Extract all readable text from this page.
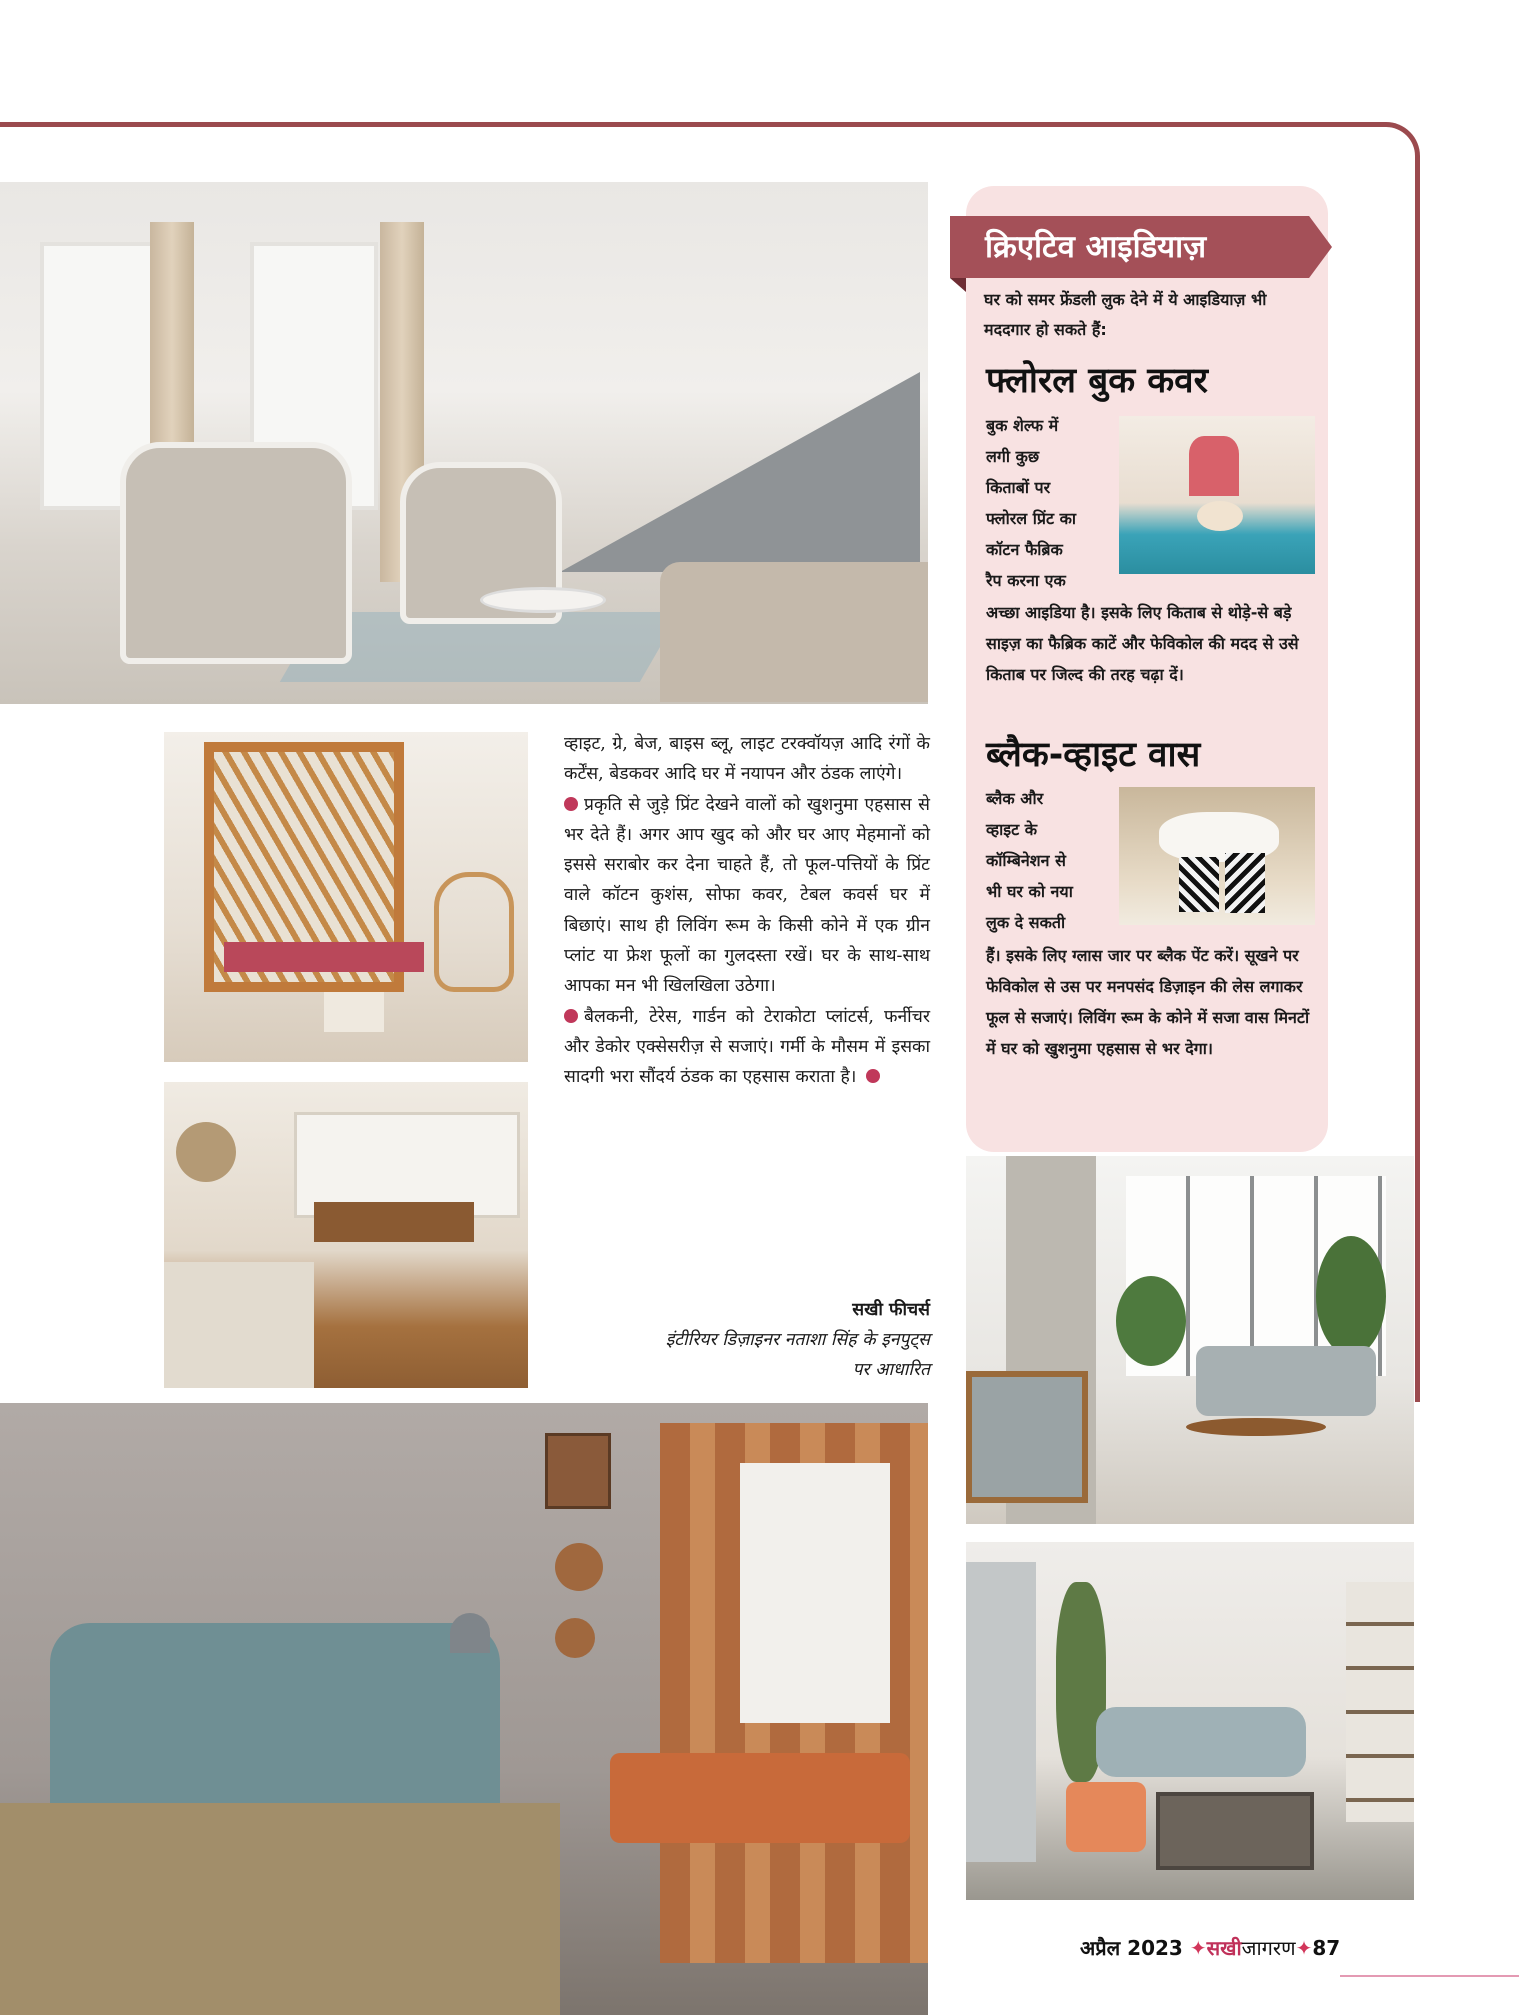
व्हाइट, ग्रे, बेज, बाइस ब्लू, लाइट टरक्वॉयज़ आदि रंगों के कर्टेंस, बेडकवर आदि घर में नयापन और ठंडक लाएंगे।

प्रकृति से जुड़े प्रिंट देखने वालों को खुशनुमा एहसास से भर देते हैं। अगर आप खुद को और घर आए मेहमानों को इससे सराबोर कर देना चाहते हैं, तो फूल-पत्तियों के प्रिंट वाले कॉटन कुशंस, सोफा कवर, टेबल कवर्स घर में बिछाएं। साथ ही लिविंग रूम के किसी कोने में एक ग्रीन प्लांट या फ्रेश फूलों का गुलदस्ता रखें। घर के साथ-साथ आपका मन भी खिलखिला उठेगा।

बैलकनी, टेरेस, गार्डन को टेराकोटा प्लांटर्स, फर्नीचर और डेकोर एक्सेसरीज़ से सजाएं। गर्मी के मौसम में इसका सादगी भरा सौंदर्य ठंडक का एहसास कराता है।

सखी फीचर्स
इंटीरियर डिज़ाइनर नताशा सिंह के इनपुट्स
पर आधारित
क्रिएटिव आइडियाज़
घर को समर फ्रेंडली लुक देने में ये आइडियाज़ भी मददगार हो सकते हैं:
फ्लोरल बुक कवर
बुक शेल्फ में
लगी कुछ
किताबों पर
फ्लोरल प्रिंट का
कॉटन फैब्रिक
रैप करना एक
अच्छा आइडिया है। इसके लिए किताब से थोड़े-से बड़े साइज़ का फैब्रिक काटें और फेविकोल की मदद से उसे किताब पर जिल्द की तरह चढ़ा दें।
ब्लैक-व्हाइट वास
ब्लैक और
व्हाइट के
कॉम्बिनेशन से
भी घर को नया
लुक दे सकती
हैं। इसके लिए ग्लास जार पर ब्लैक पेंट करें। सूखने पर फेविकोल से उस पर मनपसंद डिज़ाइन की लेस लगाकर फूल से सजाएं। लिविंग रूम के कोने में सजा वास मिनटों में घर को खुशनुमा एहसास से भर देगा।
अप्रैल 2023 ✦सखीजागरण✦87
